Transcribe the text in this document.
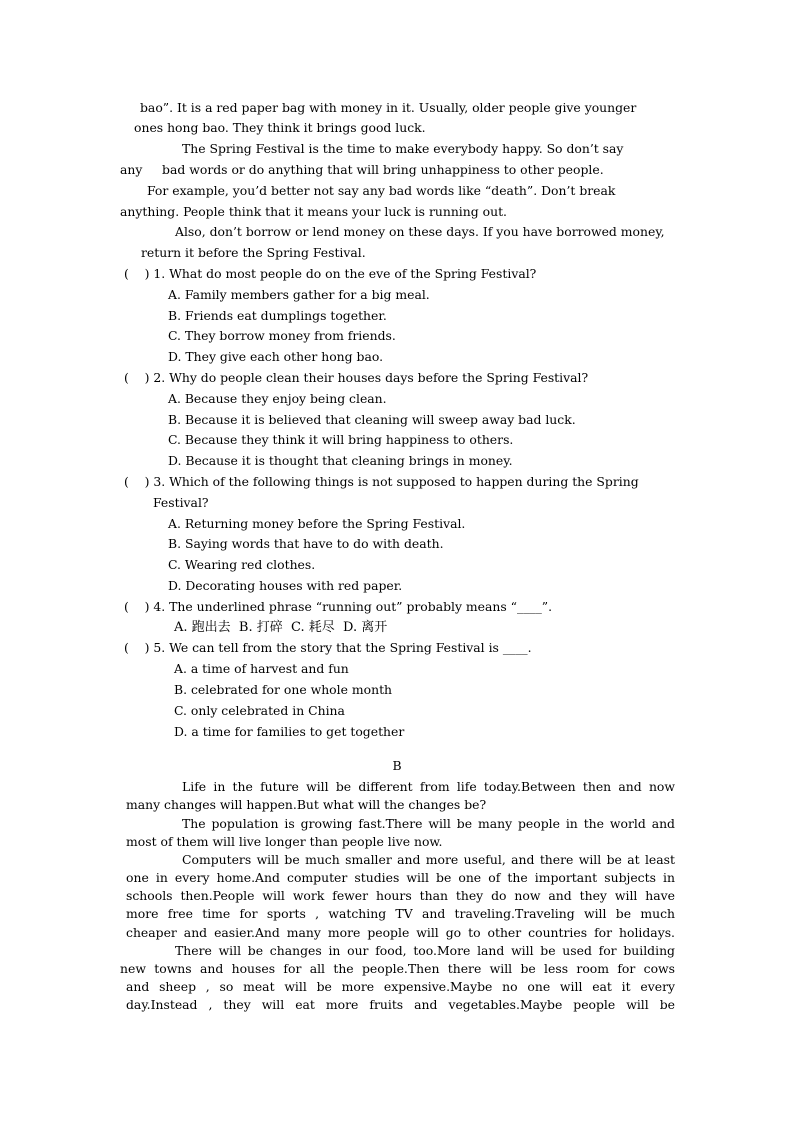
bao”. It is a red paper bag with money in it. Usually, older people give younger
ones hong bao. They think it brings good luck.
The Spring Festival is the time to make everybody happy. So don’t say
any     bad words or do anything that will bring unhappiness to other people.
For example, you’d better not say any bad words like “death”. Don’t break
anything. People think that it means your luck is running out.
Also, don’t borrow or lend money on these days. If you have borrowed money,
return it before the Spring Festival.
(    ) 1. What do most people do on the eve of the Spring Festival?
A. Family members gather for a big meal.
B. Friends eat dumplings together.
C. They borrow money from friends.
D. They give each other hong bao.
(    ) 2. Why do people clean their houses days before the Spring Festival?
A. Because they enjoy being clean.
B. Because it is believed that cleaning will sweep away bad luck.
C. Because they think it will bring happiness to others.
D. Because it is thought that cleaning brings in money.
(    ) 3. Which of the following things is not supposed to happen during the Spring
Festival?
A. Returning money before the Spring Festival.
B. Saying words that have to do with death.
C. Wearing red clothes.
D. Decorating houses with red paper.
(    ) 4. The underlined phrase “running out” probably means “____”.
A. 跑出去  B. 打碎  C. 耗尽  D. 离开
(    ) 5. We can tell from the story that the Spring Festival is ____.
A. a time of harvest and fun
B. celebrated for one whole month
C. only celebrated in China
D. a time for families to get together
B
Life in the future will be different from life today.Between then and now
many changes will happen.But what will the changes be?
The population is growing fast.There will be many people in the world and
most of them will live longer than people live now.
Computers will be much smaller and more useful, and there will be at least
one in every home.And computer studies will be one of the important subjects in
schools then.People will work fewer hours than they do now and they will have
more free time for sports , watching TV and traveling.Traveling will be much
cheaper and easier.And many more people will go to other countries for holidays.
There will be changes in our food, too.More land will be used for building
new towns and houses for all the people.Then there will be less room for cows
and sheep , so meat will be more expensive.Maybe no one will eat it every
day.Instead , they will eat more fruits and vegetables.Maybe people will be
